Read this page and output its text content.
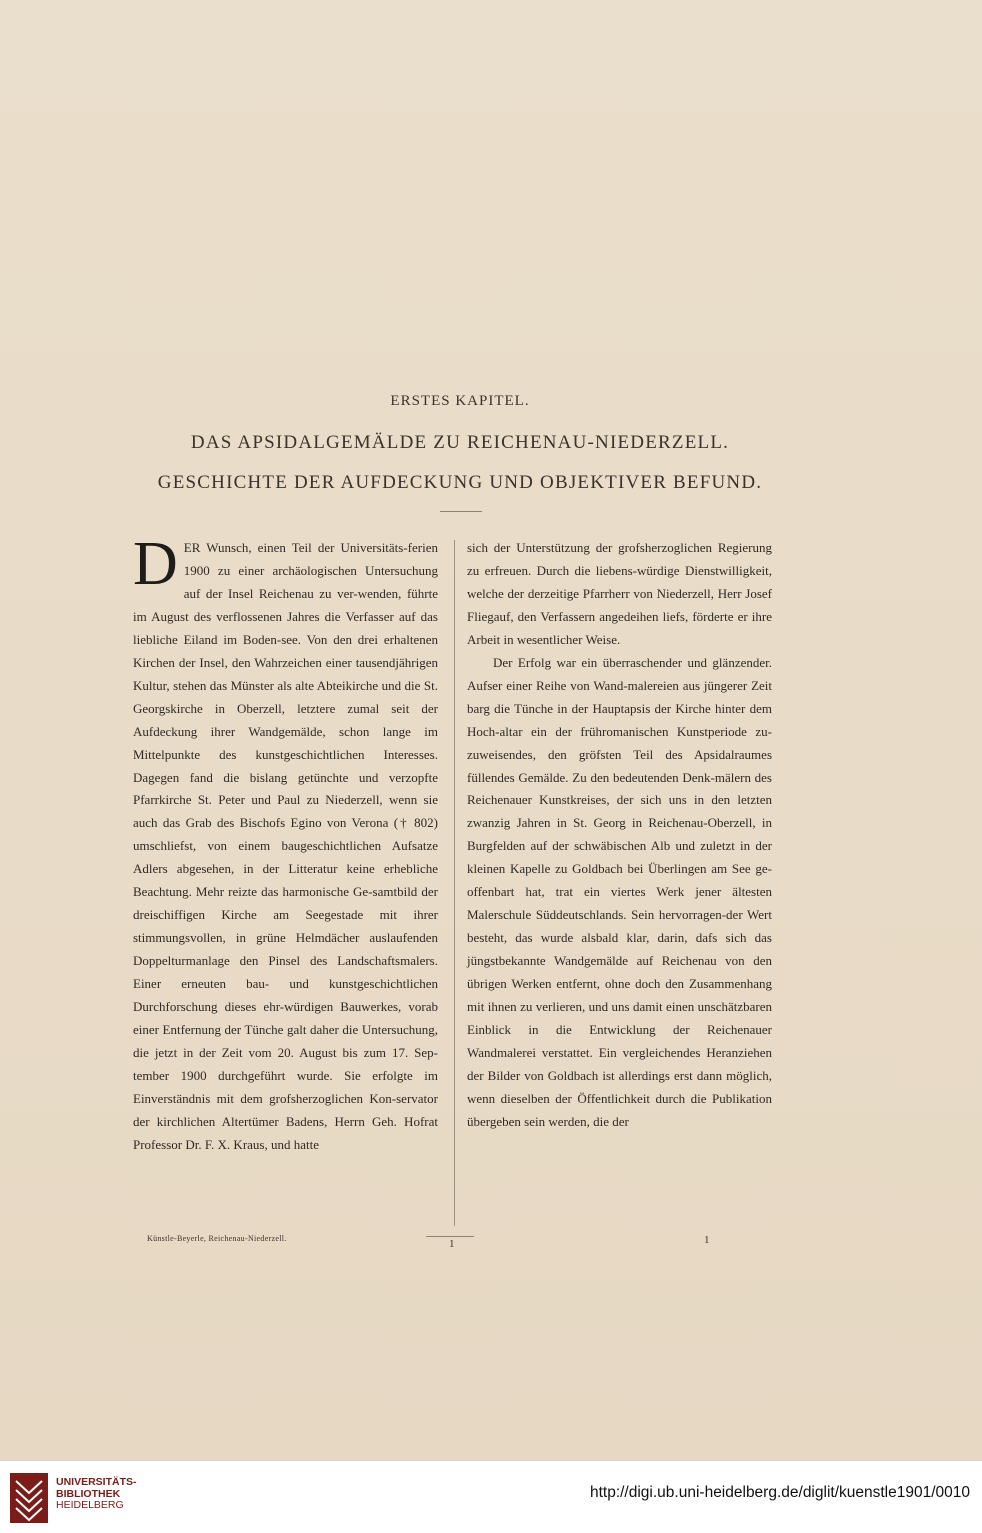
ERSTES KAPITEL.
DAS APSIDALGEMÄLDE ZU REICHENAU-NIEDERZELL.
GESCHICHTE DER AUFDECKUNG UND OBJEKTIVER BEFUND.
D ER Wunsch, einen Teil der Universitäts-ferien 1900 zu einer archäologischen Untersuchung auf der Insel Reichenau zu ver-wenden, führte im August des verflossenen Jahres die Verfasser auf das liebliche Eiland im Boden-see. Von den drei erhaltenen Kirchen der Insel, den Wahrzeichen einer tausendjährigen Kultur, stehen das Münster als alte Abteikirche und die St. Georgskirche in Oberzell, letztere zumal seit der Aufdeckung ihrer Wandgemälde, schon lange im Mittelpunkte des kunstgeschichtlichen Interesses. Dagegen fand die bislang getünchte und verzopfte Pfarrkirche St. Peter und Paul zu Niederzell, wenn sie auch das Grab des Bischofs Egino von Verona († 802) umschliefst, von einem baugeschichtlichen Aufsatze Adlers abgesehen, in der Litteratur keine erhebliche Beachtung. Mehr reizte das harmonische Ge-samtbild der dreischiffigen Kirche am Seegestade mit ihrer stimmungsvollen, in grüne Helmdächer auslaufenden Doppelturmanlage den Pinsel des Landschaftsmalers. Einer erneuten bau- und kunstgeschichtlichen Durchforschung dieses ehr-würdigen Bauwerkes, vorab einer Entfernung der Tünche galt daher die Untersuchung, die jetzt in der Zeit vom 20. August bis zum 17. Sep-tember 1900 durchgeführt wurde. Sie erfolgte im Einverständnis mit dem grofsherzoglichen Kon-servator der kirchlichen Altertümer Badens, Herrn Geh. Hofrat Professor Dr. F. X. Kraus, und hatte

sich der Unterstützung der grofsherzoglichen Regierung zu erfreuen. Durch die liebens-würdige Dienstwilligkeit, welche der derzeitige Pfarrherr von Niederzell, Herr Josef Fliegauf, den Verfassern angedeihen liefs, förderte er ihre Arbeit in wesentlicher Weise.

Der Erfolg war ein überraschender und glänzender. Aufser einer Reihe von Wand-malereien aus jüngerer Zeit barg die Tünche in der Hauptapsis der Kirche hinter dem Hoch-altar ein der frühromanischen Kunstperiode zu-zuweisendes, den gröfsten Teil des Apsidalraumes füllendes Gemälde. Zu den bedeutenden Denk-mälern des Reichenauer Kunstkreises, der sich uns in den letzten zwanzig Jahren in St. Georg in Reichenau-Oberzell, in Burgfelden auf der schwäbischen Alb und zuletzt in der kleinen Kapelle zu Goldbach bei Überlingen am See ge-offenbart hat, trat ein viertes Werk jener ältesten Malerschule Süddeutschlands. Sein hervorragen-der Wert besteht, das wurde alsbald klar, darin, dafs sich das jüngstbekannte Wandgemälde auf Reichenau von den übrigen Werken entfernt, ohne doch den Zusammenhang mit ihnen zu verlieren, und uns damit einen unschätzbaren Einblick in die Entwicklung der Reichenauer Wandmalerei verstattet. Ein vergleichendes Heranziehen der Bilder von Goldbach ist allerdings erst dann möglich, wenn dieselben der Öffentlichkeit durch die Publikation übergeben sein werden, die der

Künstle-Beyerle, Reichenau-Niederzell.	1	1
UNIVERSITÄTS-
BIBLIOTHEK
HEIDELBERG
http://digi.ub.uni-heidelberg.de/diglit/kuenstle1901/0010
